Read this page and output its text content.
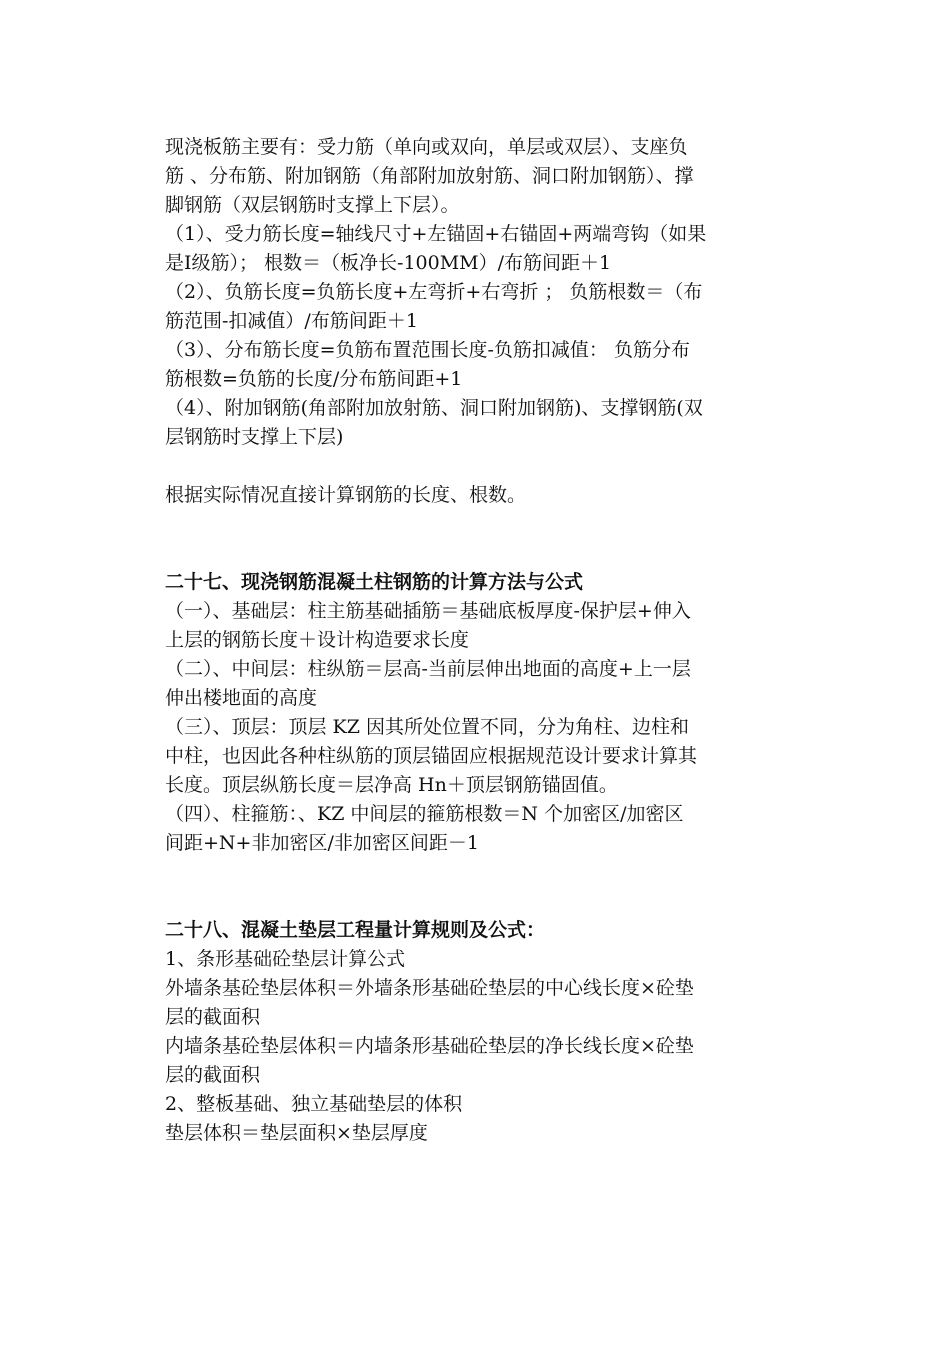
现浇板筋主要有：受力筋（单向或双向，单层或双层）、支座负
筋 、分布筋、附加钢筋（角部附加放射筋、洞口附加钢筋）、撑
脚钢筋（双层钢筋时支撑上下层）。
（1）、受力筋长度=轴线尺寸+左锚固+右锚固+两端弯钩（如果
是Ⅰ级筋）； 根数＝（板净长-100MM）/布筋间距＋1
（2）、负筋长度=负筋长度+左弯折+右弯折 ； 负筋根数＝（布
筋范围-扣减值）/布筋间距＋1
（3）、分布筋长度=负筋布置范围长度-负筋扣减值： 负筋分布
筋根数=负筋的长度/分布筋间距+1
（4）、附加钢筋(角部附加放射筋、洞口附加钢筋)、支撑钢筋(双
层钢筋时支撑上下层)
根据实际情况直接计算钢筋的长度、根数。
二十七、现浇钢筋混凝土柱钢筋的计算方法与公式
（一）、基础层：柱主筋基础插筋＝基础底板厚度-保护层+伸入
上层的钢筋长度＋设计构造要求长度
（二）、中间层：柱纵筋＝层高-当前层伸出地面的高度+上一层
伸出楼地面的高度
（三）、顶层：顶层 KZ 因其所处位置不同，分为角柱、边柱和
中柱，也因此各种柱纵筋的顶层锚固应根据规范设计要求计算其
长度。顶层纵筋长度＝层净高 Hn＋顶层钢筋锚固值。
（四）、柱箍筋：、KZ 中间层的箍筋根数＝N 个加密区/加密区
间距+N+非加密区/非加密区间距－1
二十八、混凝土垫层工程量计算规则及公式：
1、条形基础砼垫层计算公式
外墙条基砼垫层体积＝外墙条形基础砼垫层的中心线长度×砼垫
层的截面积
内墙条基砼垫层体积＝内墙条形基础砼垫层的净长线长度×砼垫
层的截面积
2、整板基础、独立基础垫层的体积
垫层体积＝垫层面积×垫层厚度
